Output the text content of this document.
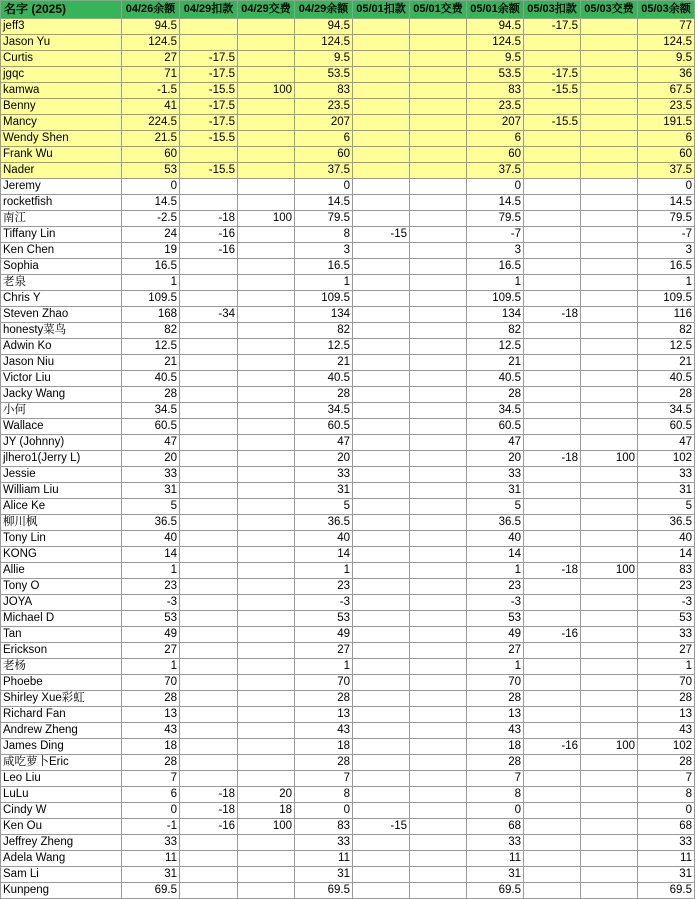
名字 (2025)	04/26余额	04/29扣款	04/29交费	04/29余额	05/01扣款	05/01交费	05/01余额	05/03扣款	05/03交费	05/03余额
jeff3	94.5			94.5			94.5	-17.5		77
Jason Yu	124.5			124.5			124.5			124.5
Curtis	27	-17.5		9.5			9.5			9.5
jgqc	71	-17.5		53.5			53.5	-17.5		36
kamwa	-1.5	-15.5	100	83			83	-15.5		67.5
Benny	41	-17.5		23.5			23.5			23.5
Mancy	224.5	-17.5		207			207	-15.5		191.5
Wendy Shen	21.5	-15.5		6			6			6
Frank Wu	60			60			60			60
Nader	53	-15.5		37.5			37.5			37.5
Jeremy	0			0			0			0
rocketfish	14.5			14.5			14.5			14.5
南江	-2.5	-18	100	79.5			79.5			79.5
Tiffany Lin	24	-16		8	-15		-7			-7
Ken Chen	19	-16		3			3			3
Sophia	16.5			16.5			16.5			16.5
老泉	1			1			1			1
Chris Y	109.5			109.5			109.5			109.5
Steven Zhao	168	-34		134			134	-18		116
honesty菜鸟	82			82			82			82
Adwin Ko	12.5			12.5			12.5			12.5
Jason Niu	21			21			21			21
Victor Liu	40.5			40.5			40.5			40.5
Jacky Wang	28			28			28			28
小何	34.5			34.5			34.5			34.5
Wallace	60.5			60.5			60.5			60.5
JY (Johnny)	47			47			47			47
jlhero1(Jerry L)	20			20			20	-18	100	102
Jessie	33			33			33			33
William Liu	31			31			31			31
Alice Ke	5			5			5			5
柳川枫	36.5			36.5			36.5			36.5
Tony Lin	40			40			40			40
KONG	14			14			14			14
Allie	1			1			1	-18	100	83
Tony O	23			23			23			23
JOYA	-3			-3			-3			-3
Michael D	53			53			53			53
Tan	49			49			49	-16		33
Erickson	27			27			27			27
老杨	1			1			1			1
Phoebe	70			70			70			70
Shirley Xue彩虹	28			28			28			28
Richard Fan	13			13			13			13
Andrew Zheng	43			43			43			43
James Ding	18			18			18	-16	100	102
咸吃萝卜Eric	28			28			28			28
Leo Liu	7			7			7			7
LuLu	6	-18	20	8			8			8
Cindy W	0	-18	18	0			0			0
Ken Ou	-1	-16	100	83	-15		68			68
Jeffrey Zheng	33			33			33			33
Adela Wang	11			11			11			11
Sam Li	31			31			31			31
Kunpeng	69.5			69.5			69.5			69.5
